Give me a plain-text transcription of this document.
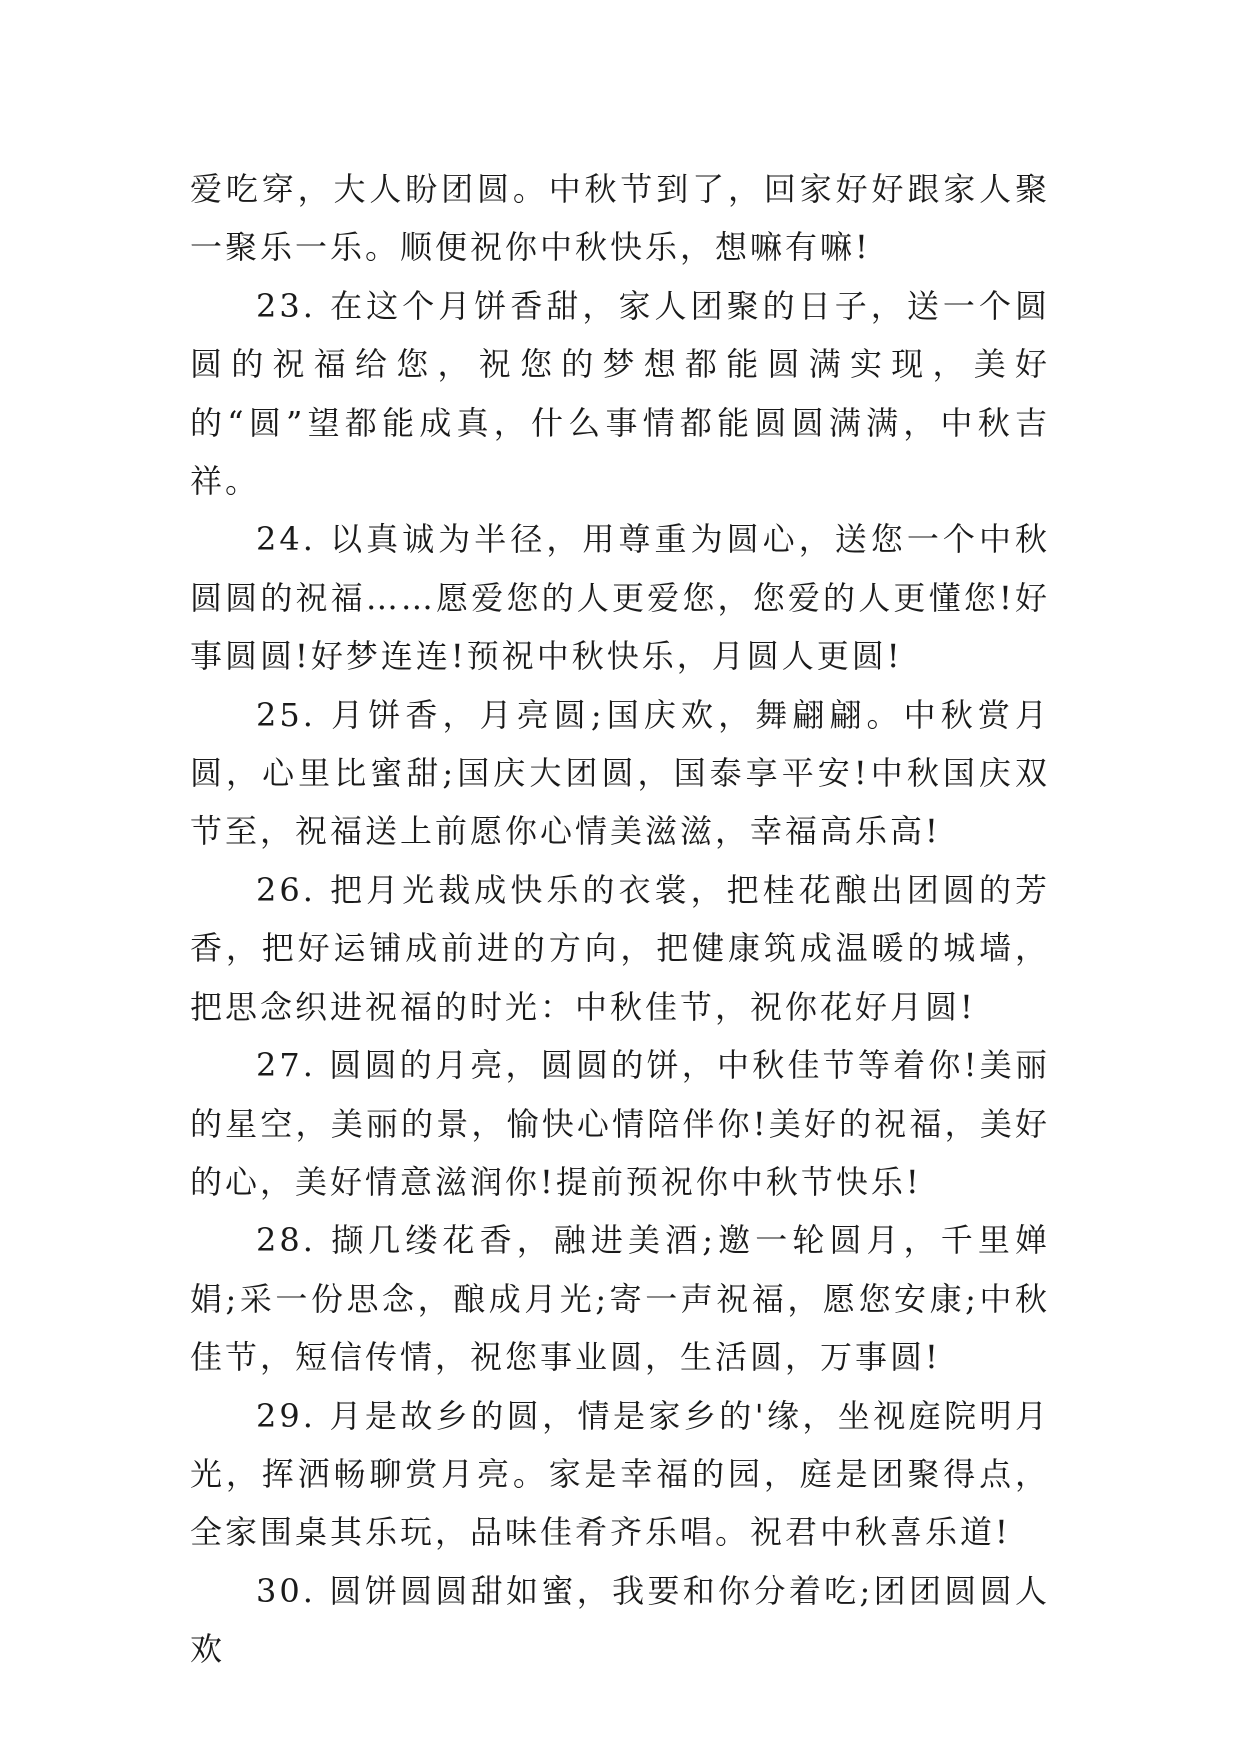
爱吃穿，大人盼团圆。中秋节到了，回家好好跟家人聚一聚乐一乐。顺便祝你中秋快乐，想嘛有嘛!

23. 在这个月饼香甜，家人团聚的日子，送一个圆圆的祝福给您，祝您的梦想都能圆满实现，美好的“圆”望都能成真，什么事情都能圆圆满满，中秋吉祥。

24. 以真诚为半径，用尊重为圆心，送您一个中秋圆圆的祝福……愿爱您的人更爱您，您爱的人更懂您!好事圆圆!好梦连连!预祝中秋快乐，月圆人更圆!

25. 月饼香，月亮圆;国庆欢，舞翩翩。中秋赏月圆，心里比蜜甜;国庆大团圆，国泰享平安!中秋国庆双节至，祝福送上前愿你心情美滋滋，幸福高乐高!

26. 把月光裁成快乐的衣裳，把桂花酿出团圆的芳香，把好运铺成前进的方向，把健康筑成温暖的城墙，把思念织进祝福的时光：中秋佳节，祝你花好月圆!

27. 圆圆的月亮，圆圆的饼，中秋佳节等着你!美丽的星空，美丽的景，愉快心情陪伴你!美好的祝福，美好的心，美好情意滋润你!提前预祝你中秋节快乐!

28. 撷几缕花香，融进美酒;邀一轮圆月，千里婵娟;采一份思念，酿成月光;寄一声祝福，愿您安康;中秋佳节，短信传情，祝您事业圆，生活圆，万事圆!

29. 月是故乡的圆，情是家乡的'缘，坐视庭院明月光，挥洒畅聊赏月亮。家是幸福的园，庭是团聚得点，全家围桌其乐玩，品味佳肴齐乐唱。祝君中秋喜乐道!

30. 圆饼圆圆甜如蜜，我要和你分着吃;团团圆圆人欢
